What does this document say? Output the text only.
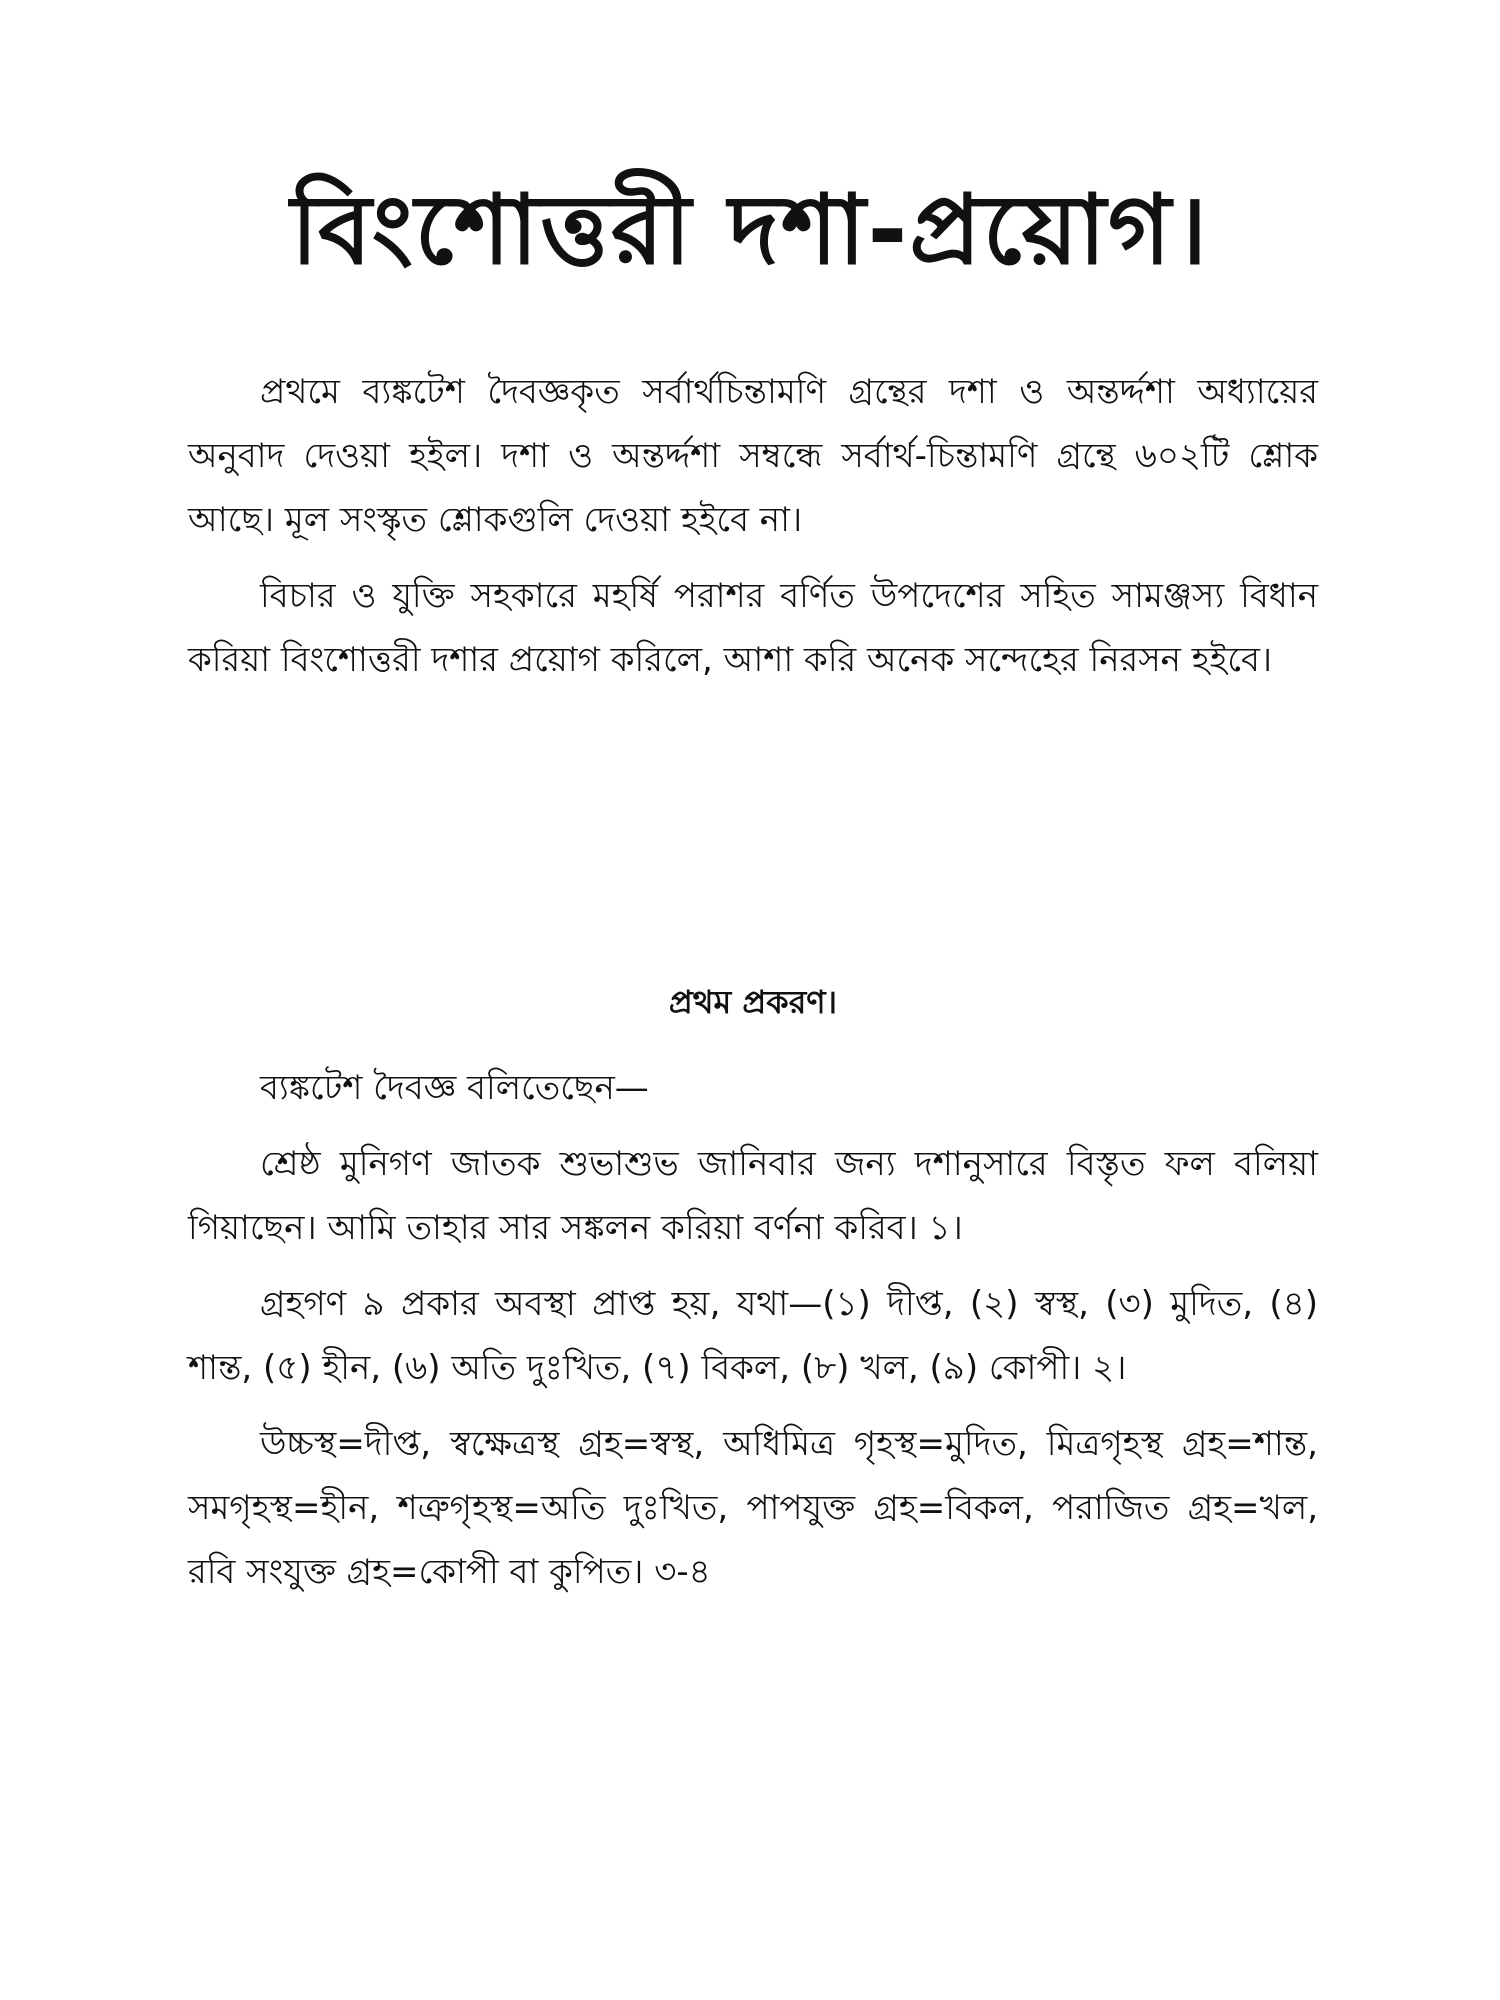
বিংশোত্তরী দশা-প্রয়োগ।

প্রথমে ব্যঙ্কটেশ দৈবজ্ঞকৃত সর্বার্থচিন্তামণি গ্রন্থের দশা ও অন্তর্দ্দশা অধ্যায়ের অনুবাদ দেওয়া হইল। দশা ও অন্তর্দ্দশা সম্বন্ধে সর্বার্থ-চিন্তামণি গ্রন্থে ৬০২টি শ্লোক আছে। মূল সংস্কৃত শ্লোকগুলি দেওয়া হইবে না।

বিচার ও যুক্তি সহকারে মহর্ষি পরাশর বর্ণিত উপদেশের সহিত সামঞ্জস্য বিধান করিয়া বিংশোত্তরী দশার প্রয়োগ করিলে, আশা করি অনেক সন্দেহের নিরসন হইবে।

প্রথম প্রকরণ।

ব্যঙ্কটেশ দৈবজ্ঞ বলিতেছেন—

শ্রেষ্ঠ মুনিগণ জাতক শুভাশুভ জানিবার জন্য দশানুসারে বিস্তৃত ফল বলিয়া গিয়াছেন। আমি তাহার সার সঙ্কলন করিয়া বর্ণনা করিব। ১।

গ্রহগণ ৯ প্রকার অবস্থা প্রাপ্ত হয়, যথা—(১) দীপ্ত, (২) স্বস্থ, (৩) মুদিত, (৪) শান্ত, (৫) হীন, (৬) অতি দুঃখিত, (৭) বিকল, (৮) খল, (৯) কোপী। ২।

উচ্চস্থ=দীপ্ত, স্বক্ষেত্রস্থ গ্রহ=স্বস্থ, অধিমিত্র গৃহস্থ=মুদিত, মিত্রগৃহস্থ গ্রহ=শান্ত, সমগৃহস্থ=হীন, শত্রুগৃহস্থ=অতি দুঃখিত, পাপযুক্ত গ্রহ=বিকল, পরাজিত গ্রহ=খল, রবি সংযুক্ত গ্রহ=কোপী বা কুপিত। ৩-৪
